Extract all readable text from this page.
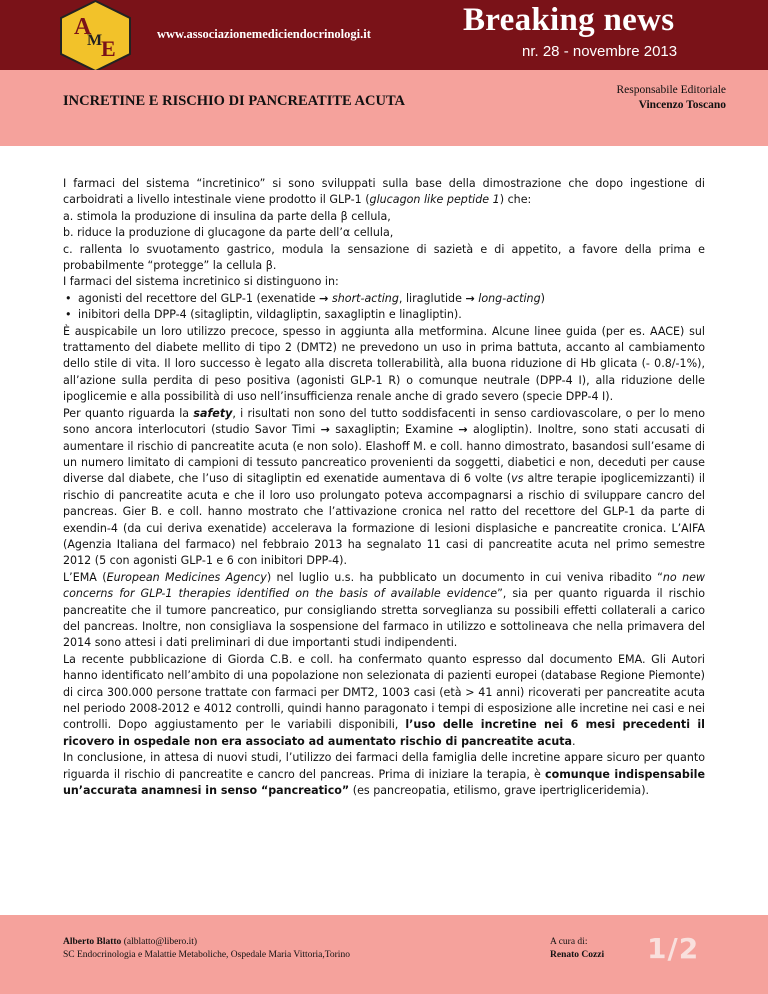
A
M
E
www.associazionemediciendocrinologi.it	Breaking news
nr. 28 - novembre 2013
INCRETINE E RISCHIO DI PANCREATITE ACUTA
Responsabile Editoriale
Vincenzo Toscano

I farmaci del sistema “incretinico” si sono sviluppati sulla base della dimostrazione che dopo ingestione di carboidrati a livello intestinale viene prodotto il GLP-1 (glucagon like peptide 1) che:

a. stimola la produzione di insulina da parte della β cellula,

b. riduce la produzione di glucagone da parte dell’α cellula,

c. rallenta lo svuotamento gastrico, modula la sensazione di sazietà e di appetito, a favore della prima e probabilmente “protegge” la cellula β.

I farmaci del sistema incretinico si distinguono in:

• agonisti del recettore del GLP-1 (exenatide → short-acting, liraglutide → long-acting)

• inibitori della DPP-4 (sitagliptin, vildagliptin, saxagliptin e linagliptin).

È auspicabile un loro utilizzo precoce, spesso in aggiunta alla metformina. Alcune linee guida (per es. AACE) sul trattamento del diabete mellito di tipo 2 (DMT2) ne prevedono un uso in prima battuta, accanto al cambiamento dello stile di vita. Il loro successo è legato alla discreta tollerabilità, alla buona riduzione di Hb glicata (- 0.8/-1%), all’azione sulla perdita di peso positiva (agonisti GLP-1 R) o comunque neutrale (DPP-4 I), alla riduzione delle ipoglicemie e alla possibilità di uso nell’insufficienza renale anche di grado severo (specie DPP-4 I).

Per quanto riguarda la safety, i risultati non sono del tutto soddisfacenti in senso cardiovascolare, o per lo meno sono ancora interlocutori (studio Savor Timi → saxagliptin; Examine → alogliptin). Inoltre, sono stati accusati di aumentare il rischio di pancreatite acuta (e non solo). Elashoff M. e coll. hanno dimostrato, basandosi sull’esame di un numero limitato di campioni di tessuto pancreatico provenienti da soggetti, diabetici e non, deceduti per cause diverse dal diabete, che l’uso di sitagliptin ed exenatide aumentava di 6 volte (vs altre terapie ipoglicemizzanti) il rischio di pancreatite acuta e che il loro uso prolungato poteva accompagnarsi a rischio di sviluppare cancro del pancreas. Gier B. e coll. hanno mostrato che l’attivazione cronica nel ratto del recettore del GLP-1 da parte di exendin-4 (da cui deriva exenatide) accelerava la formazione di lesioni displasiche e pancreatite cronica. L’AIFA (Agenzia Italiana del farmaco) nel febbraio 2013 ha segnalato 11 casi di pancreatite acuta nel primo semestre 2012 (5 con agonisti GLP-1 e 6 con inibitori DPP-4).

L’EMA (European Medicines Agency) nel luglio u.s. ha pubblicato un documento in cui veniva ribadito “no new concerns for GLP-1 therapies identified on the basis of available evidence”, sia per quanto riguarda il rischio pancreatite che il tumore pancreatico, pur consigliando stretta sorveglianza su possibili effetti collaterali a carico del pancreas. Inoltre, non consigliava la sospensione del farmaco in utilizzo e sottolineava che nella primavera del 2014 sono attesi i dati preliminari di due importanti studi indipendenti.

La recente pubblicazione di Giorda C.B. e coll. ha confermato quanto espresso dal documento EMA. Gli Autori hanno identificato nell’ambito di una popolazione non selezionata di pazienti europei (database Regione Piemonte) di circa 300.000 persone trattate con farmaci per DMT2, 1003 casi (età > 41 anni) ricoverati per pancreatite acuta nel periodo 2008-2012 e 4012 controlli, quindi hanno paragonato i tempi di esposizione alle incretine nei casi e nei controlli. Dopo aggiustamento per le variabili disponibili, l’uso delle incretine nei 6 mesi precedenti il ricovero in ospedale non era associato ad aumentato rischio di pancreatite acuta.

In conclusione, in attesa di nuovi studi, l’utilizzo dei farmaci della famiglia delle incretine appare sicuro per quanto riguarda il rischio di pancreatite e cancro del pancreas. Prima di iniziare la terapia, è comunque indispensabile un’accurata anamnesi in senso “pancreatico” (es pancreopatia, etilismo, grave ipertrigliceridemia).

Alberto Blatto (alblatto@libero.it)
SC Endocrinologia e Malattie Metaboliche, Ospedale Maria Vittoria,Torino
A cura di:
Renato Cozzi 1/2
